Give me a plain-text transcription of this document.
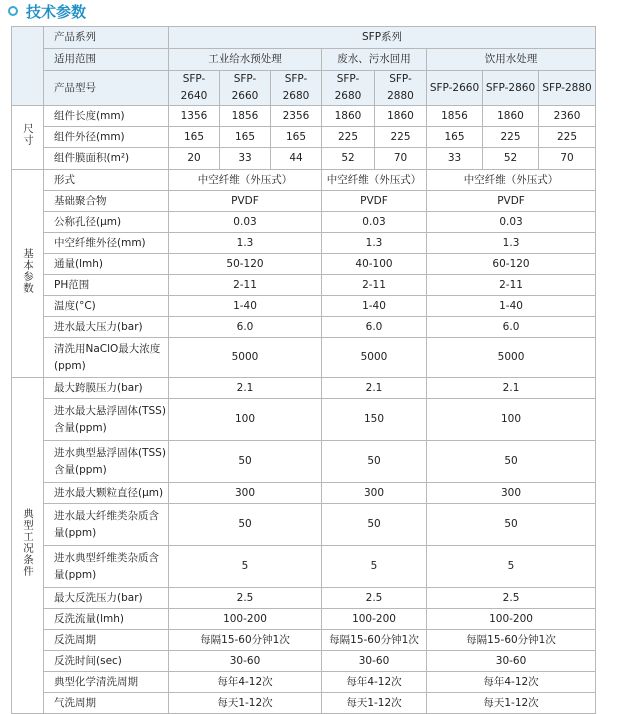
技术参数
	产品系列	SFP系列							
	适用范围	工业给水预处理			废水、污水回用		饮用水处理		
	产品型号	SFP-2640	SFP-2660	SFP-2680	SFP-2680	SFP-2880	SFP-2660	SFP-2860	SFP-2880
尺寸	组件长度(mm)	1356	1856	2356	1860	1860	1856	1860	2360
	组件外径(mm)	165	165	165	225	225	165	225	225
	组件膜面积(m²)	20	33	44	52	70	33	52	70
基本参数	形式	中空纤维（外压式）			中空纤维（外压式）		中空纤维（外压式）		
	基础聚合物	PVDF			PVDF		PVDF		
	公称孔径(μm)	0.03			0.03		0.03		
	中空纤维外径(mm)	1.3			1.3		1.3		
	通量(lmh)	50-120			40-100		60-120		
	PH范围	2-11			2-11		2-11		
	温度(°C)	1-40			1-40		1-40		
	进水最大压力(bar)	6.0			6.0		6.0		
	清洗用NaClO最大浓度(ppm)	5000			5000		5000		
典型工况条件	最大跨膜压力(bar)	2.1			2.1		2.1		
	进水最大悬浮固体(TSS)含量(ppm)	100			150		100		
	进水典型悬浮固体(TSS)含量(ppm)	50			50		50		
	进水最大颗粒直径(μm)	300			300		300		
	进水最大纤维类杂质含量(ppm)	50			50		50		
	进水典型纤维类杂质含量(ppm)	5			5		5		
	最大反洗压力(bar)	2.5			2.5		2.5		
	反洗流量(lmh)	100-200			100-200		100-200		
	反洗周期	每隔15-60分钟1次			每隔15-60分钟1次		每隔15-60分钟1次		
	反洗时间(sec)	30-60			30-60		30-60		
	典型化学清洗周期	每年4-12次			每年4-12次		每年4-12次		
	气洗周期	每天1-12次			每天1-12次		每天1-12次		
